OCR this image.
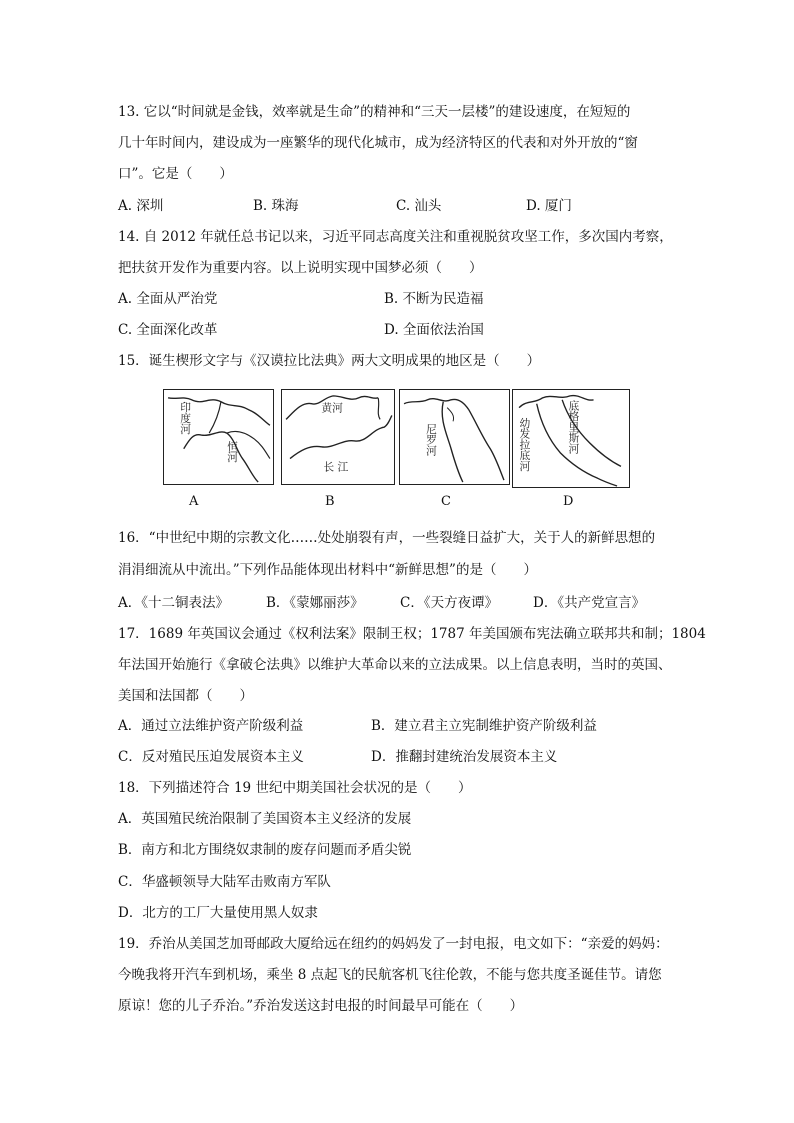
13. 它以“时间就是金钱，效率就是生命”的精神和“三天一层楼”的建设速度，在短短的
几十年时间内，建设成为一座繁华的现代化城市，成为经济特区的代表和对外开放的“窗
口”。它是（　　）
A. 深圳	B. 珠海	C. 汕头	D. 厦门
14. 自 2012 年就任总书记以来，习近平同志高度关注和重视脱贫攻坚工作，多次国内考察，
把扶贫开发作为重要内容。以上说明实现中国梦必须（　　）
A. 全面从严治党	B. 不断为民造福
C. 全面深化改革	D. 全面依法治国
15．诞生楔形文字与《汉谟拉比法典》两大文明成果的地区是（　　）
印度河
恒河
A
黄河
长 江
B
尼罗河
C
幼发拉底河	底格里斯河
D
16．“中世纪中期的宗教文化……处处崩裂有声，一些裂缝日益扩大，关于人的新鲜思想的
涓涓细流从中流出。”下列作品能体现出材料中“新鲜思想”的是（　　）
A．《十二铜表法》	B．《蒙娜丽莎》	C．《天方夜谭》	D．《共产党宣言》
17．1689 年英国议会通过《权利法案》限制王权；1787 年美国颁布宪法确立联邦共和制；1804
年法国开始施行《拿破仑法典》以维护大革命以来的立法成果。以上信息表明，当时的英国、
美国和法国都（　　）
A．通过立法维护资产阶级利益	B．建立君主立宪制维护资产阶级利益
C．反对殖民压迫发展资本主义	D．推翻封建统治发展资本主义
18．下列描述符合 19 世纪中期美国社会状况的是（　　）
A．英国殖民统治限制了美国资本主义经济的发展
B．南方和北方围绕奴隶制的废存问题而矛盾尖锐
C．华盛顿领导大陆军击败南方军队
D．北方的工厂大量使用黑人奴隶
19．乔治从美国芝加哥邮政大厦给远在纽约的妈妈发了一封电报，电文如下：“亲爱的妈妈：
今晚我将开汽车到机场，乘坐 8 点起飞的民航客机飞往伦敦，不能与您共度圣诞佳节。请您
原谅！您的儿子乔治。”乔治发送这封电报的时间最早可能在（　　）
